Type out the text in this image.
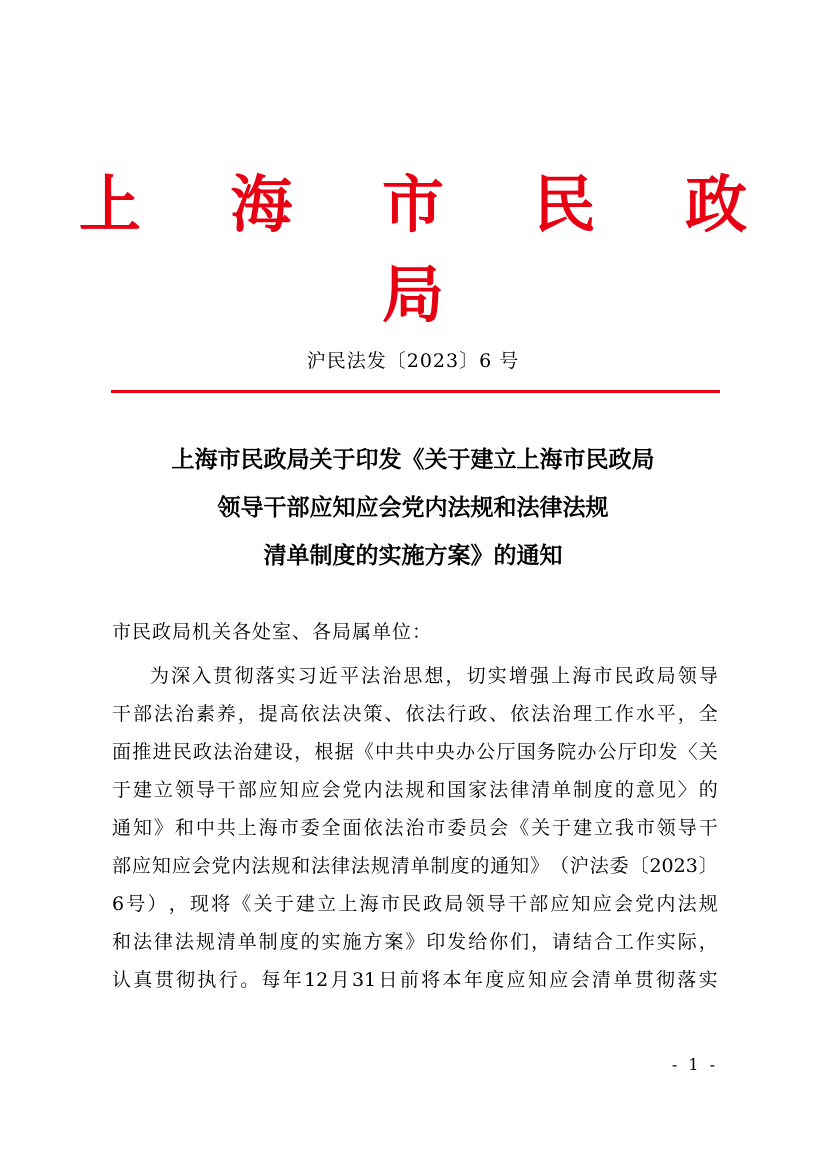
上 海 市 民 政 局
沪民法发〔2023〕6 号
上海市民政局关于印发《关于建立上海市民政局
领导干部应知应会党内法规和法律法规
清单制度的实施方案》的通知
市民政局机关各处室、各局属单位：
为 深 入 贯 彻 落 实 习 近 平 法 治 思 想 ， 切 实 增 强 上 海 市 民 政 局 领 导
干 部 法 治 素 养 ， 提 高 依 法 决 策 、 依 法 行 政 、 依 法 治 理 工 作 水 平 ， 全
面 推 进 民 政 法 治 建 设 ， 根 据 《 中 共 中 央 办 公 厅 国 务 院 办 公 厅 印 发 〈 关
于 建 立 领 导 干 部 应 知 应 会 党 内 法 规 和 国 家 法 律 清 单 制 度 的 意 见 〉 的
通 知 》 和 中 共 上 海 市 委 全 面 依 法 治 市 委 员 会 《 关 于 建 立 我 市 领 导 干
部 应 知 应 会 党 内 法 规 和 法 律 法 规 清 单 制 度 的 通 知 》 （ 沪 法 委 〔 2023 〕
6 号 ） ， 现 将 《 关 于 建 立 上 海 市 民 政 局 领 导 干 部 应 知 应 会 党 内 法 规
和 法 律 法 规 清 单 制 度 的 实 施 方 案 》 印 发 给 你 们 ， 请 结 合 工 作 实 际 ，
认 真 贯 彻 执 行 。 每 年 12 月 31 日 前 将 本 年 度 应 知 应 会 清 单 贯 彻 落 实
- 1 -
